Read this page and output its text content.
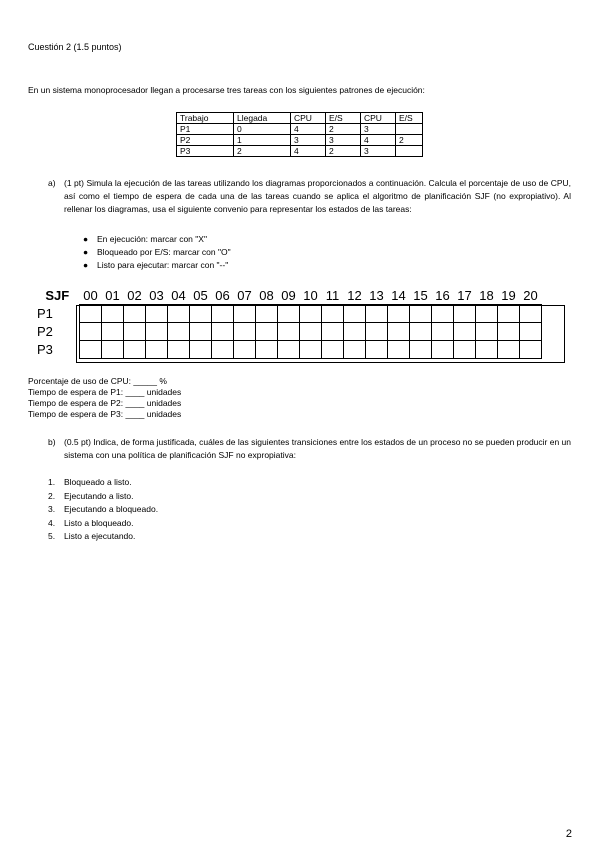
Cuestión 2 (1.5 puntos)
En un sistema monoprocesador llegan a procesarse tres tareas con los siguientes patrones de ejecución:
Trabajo	Llegada	CPU	E/S	CPU	E/S
P1	0	4	2	3	
P2	1	3	3	4	2
P3	2	4	2	3	
a) (1 pt) Simula la ejecución de las tareas utilizando los diagramas proporcionados a continuación. Calcula el porcentaje de uso de CPU, así como el tiempo de espera de cada una de las tareas cuando se aplica el algoritmo de planificación SJF (no expropiativo). Al rellenar los diagramas, usa el siguiente convenio para representar los estados de las tareas:
● En ejecución: marcar con "X"
● Bloqueado por E/S: marcar con "O"
● Listo para ejecutar: marcar con "--"
SJF	00	01	02	03	04	05	06	07	08	09	10	11	12	13	14	15	16	17	18	19	20
P1																					
P2																					
P3																					
Porcentaje de uso de CPU: _____ %
Tiempo de espera de P1: ____ unidades
Tiempo de espera de P2: ____ unidades
Tiempo de espera de P3: ____ unidades
b) (0.5 pt) Indica, de forma justificada, cuáles de las siguientes transiciones entre los estados de un proceso no se pueden producir en un sistema con una política de planificación SJF no expropiativa:
1. Bloqueado a listo.
2. Ejecutando a listo.
3. Ejecutando a bloqueado.
4. Listo a bloqueado.
5. Listo a ejecutando.
2
